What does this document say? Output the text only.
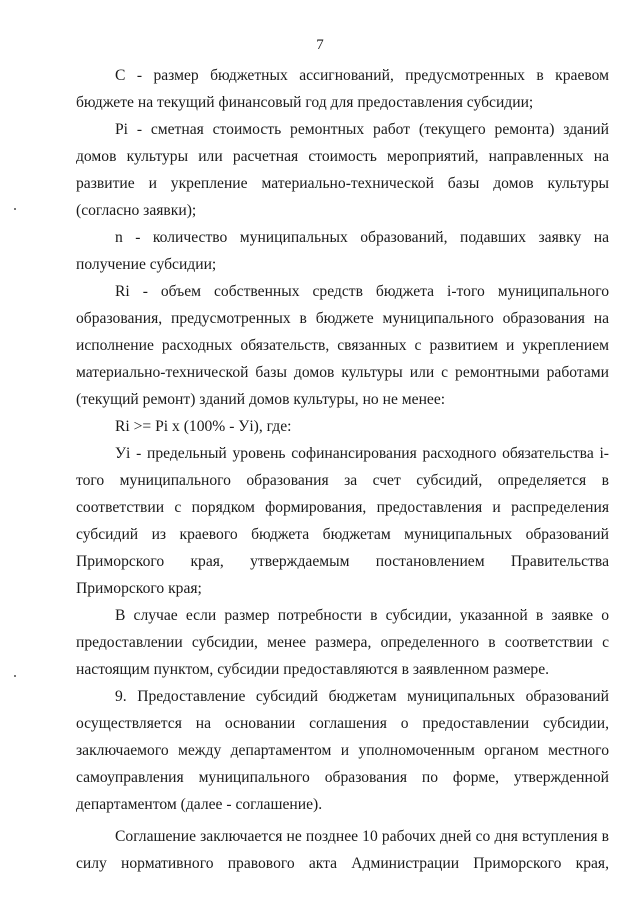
7
С - размер бюджетных ассигнований, предусмотренных в краевом
бюджете на текущий финансовый год для предоставления субсидии;
Pi - сметная стоимость ремонтных работ (текущего ремонта) зданий
домов культуры или расчетная стоимость мероприятий, направленных на
развитие и укрепление материально-технической базы домов культуры
(согласно заявки);
n - количество муниципальных образований, подавших заявку на
получение субсидии;
Ri - объем собственных средств бюджета i-того муниципального
образования, предусмотренных в бюджете муниципального образования на
исполнение расходных обязательств, связанных с развитием и укреплением
материально-технической базы домов культуры или с ремонтными работами
(текущий ремонт) зданий домов культуры, но не менее:
Ri >= Pi x (100% - Уi), где:
Уi - предельный уровень софинансирования расходного обязательства i-
того муниципального образования за счет субсидий, определяется в
соответствии с порядком формирования, предоставления и распределения
субсидий из краевого бюджета бюджетам муниципальных образований
Приморского края, утверждаемым постановлением Правительства
Приморского края;
В случае если размер потребности в субсидии, указанной в заявке о
предоставлении субсидии, менее размера, определенного в соответствии с
настоящим пунктом, субсидии предоставляются в заявленном размере.
9. Предоставление субсидий бюджетам муниципальных образований
осуществляется на основании соглашения о предоставлении субсидии,
заключаемого между департаментом и уполномоченным органом местного
самоуправления муниципального образования по форме, утвержденной
департаментом (далее - соглашение).
Соглашение заключается не позднее 10 рабочих дней со дня вступления в
силу нормативного правового акта Администрации Приморского края,
